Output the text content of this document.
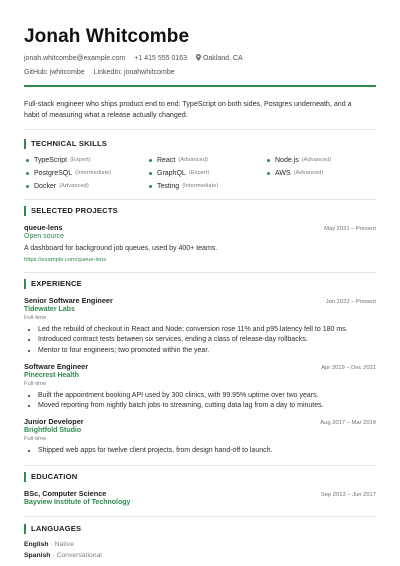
Jonah Whitcombe
jonah.whitcombe@example.com +1 415 555 0163	Oakland, CA
GitHub: jwhitcombe LinkedIn: jonahwhitcombe

Full-stack engineer who ships product end to end: TypeScript on both sides, Postgres underneath, and a habit of measuring what a release actually changed.

TECHNICAL SKILLS
TypeScript (Expert)	React (Advanced)	Node.js (Advanced)
PostgreSQL (Intermediate)	GraphQL (Expert)	AWS (Advanced)
Docker (Advanced)	Testing (Intermediate)
SELECTED PROJECTS
queue-lens	May 2021 – Present
Open source
A dashboard for background job queues, used by 400+ teams.
https://example.com/queue-lens
EXPERIENCE
Senior Software Engineer	Jan 2022 – Present
Tidewater Labs
Full-time
• Led the rebuild of checkout in React and Node; conversion rose 11% and p95 latency fell to 180 ms.
• Introduced contract tests between six services, ending a class of release-day rollbacks.
• Mentor to four engineers; two promoted within the year.
Software Engineer	Apr 2019 – Dec 2021
Pinecrest Health
Full-time
• Built the appointment booking API used by 300 clinics, with 99.95% uptime over two years.
• Moved reporting from nightly batch jobs to streaming, cutting data lag from a day to minutes.
Junior Developer	Aug 2017 – Mar 2019
Brightfold Studio
Full-time
• Shipped web apps for twelve client projects, from design hand-off to launch.
EDUCATION
BSc, Computer Science	Sep 2013 – Jun 2017
Bayview Institute of Technology
LANGUAGES
English · Native
Spanish · Conversational
